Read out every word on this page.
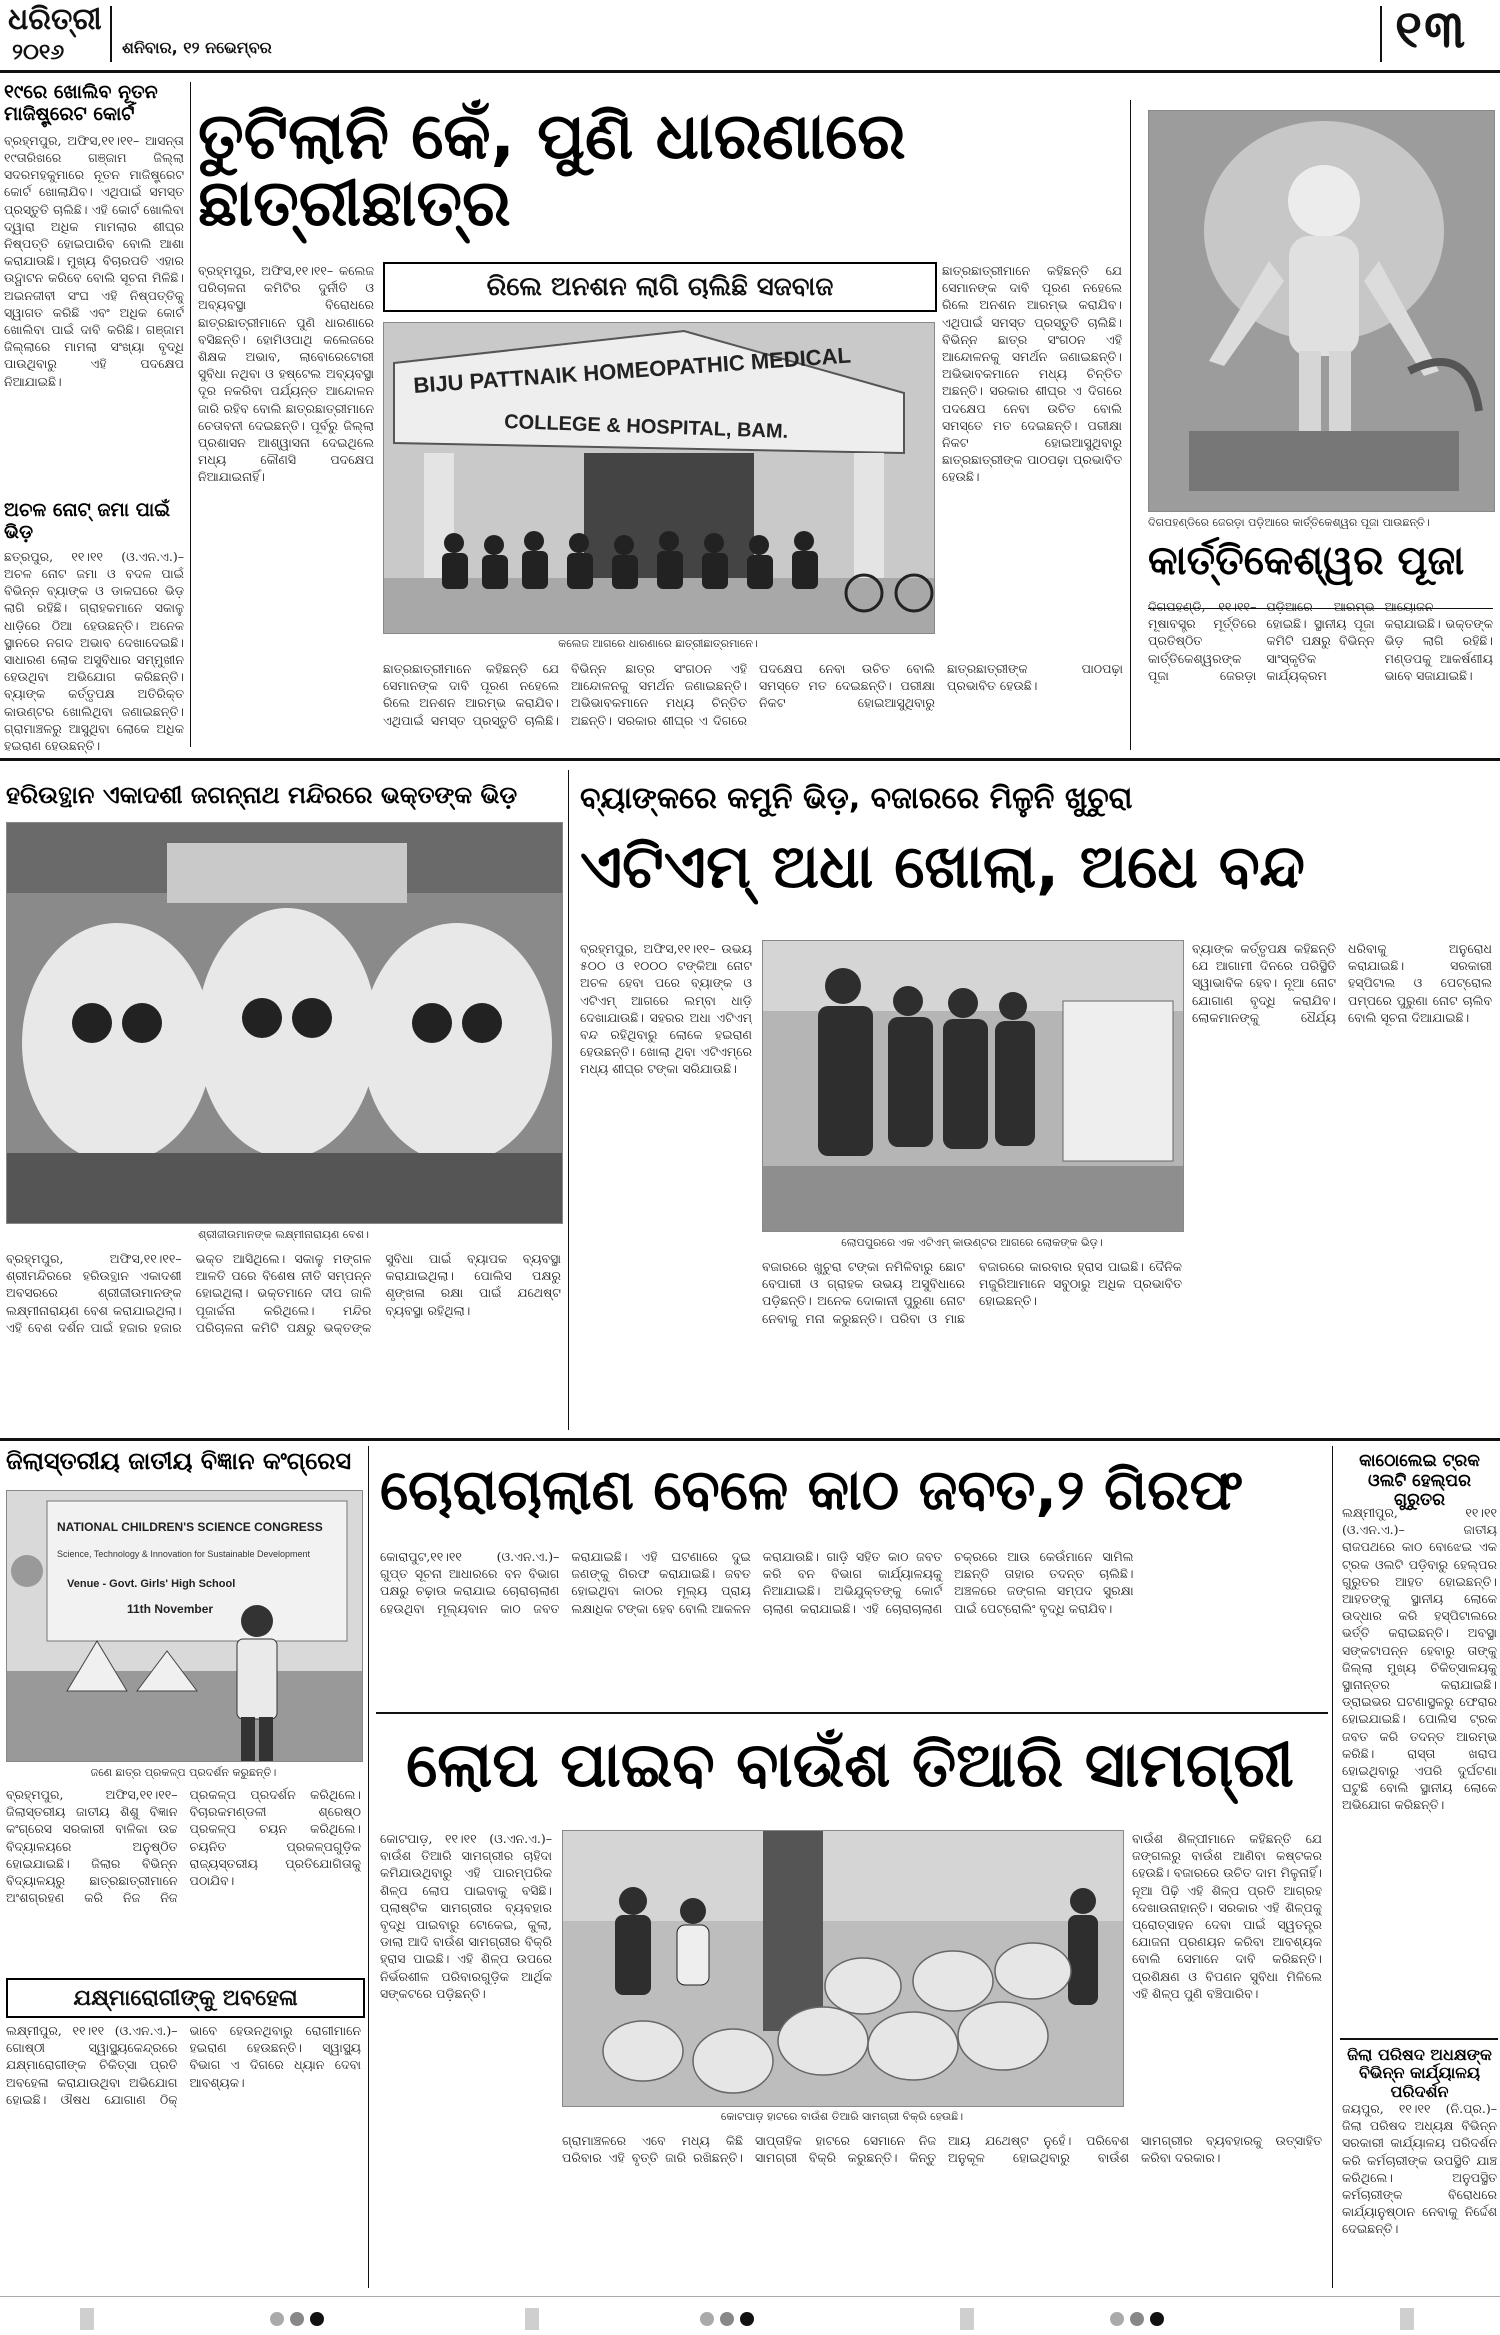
ଧରିତ୍ରୀ
୨୦୧୬	ଶନିବାର, ୧୨ ନଭେମ୍ବର	୧୩
୧୯ରେ ଖୋଲିବ ନୂତନ ମାଜିଷ୍ଟ୍ରେଟ କୋର୍ଟ
ବ୍ରହ୍ମପୁର, ଅଫିସ,୧୧।୧୧– ଆସନ୍ତା ୧୯ତାରିଖରେ ଗଞ୍ଜାମ ଜିଲ୍ଲା ସଦରମହକୁମାରେ ନୂତନ ମାଜିଷ୍ଟ୍ରେଟ କୋର୍ଟ ଖୋଲାଯିବ। ଏଥିପାଇଁ ସମସ୍ତ ପ୍ରସ୍ତୁତି ଚାଲିଛି। ଏହି କୋର୍ଟ ଖୋଲିବା ଦ୍ୱାରା ଅଧିକ ମାମଲାର ଶୀଘ୍ର ନିଷ୍ପତ୍ତି ହୋଇପାରିବ ବୋଲି ଆଶା କରାଯାଉଛି। ମୁଖ୍ୟ ବିଚାରପତି ଏହାର ଉଦ୍ଘାଟନ କରିବେ ବୋଲି ସୂଚନା ମିଳିଛି। ଅଇନଜୀବୀ ସଂଘ ଏହି ନିଷ୍ପତ୍ତିକୁ ସ୍ୱାଗତ କରିଛି ଏବଂ ଅଧିକ କୋର୍ଟ ଖୋଲିବା ପାଇଁ ଦାବି କରିଛି। ଗଞ୍ଜାମ ଜିଲ୍ଲାରେ ମାମଲା ସଂଖ୍ୟା ବୃଦ୍ଧି ପାଉଥିବାରୁ ଏହି ପଦକ୍ଷେପ ନିଆଯାଇଛି।
ଅଚଳ ନୋଟ୍ ଜମା ପାଇଁ ଭିଡ଼
ଛତ୍ରପୁର, ୧୧।୧୧ (ଓ.ଏନ.ଏ.)– ଅଚଳ ନୋଟ ଜମା ଓ ବଦଳ ପାଇଁ ବିଭିନ୍ନ ବ୍ୟାଙ୍କ ଓ ଡାକଘରେ ଭିଡ଼ ଲାଗି ରହିଛି। ଗ୍ରାହକମାନେ ସକାଳୁ ଧାଡ଼ିରେ ଠିଆ ହେଉଛନ୍ତି। ଅନେକ ସ୍ଥାନରେ ନଗଦ ଅଭାବ ଦେଖାଦେଇଛି। ସାଧାରଣ ଲୋକ ଅସୁବିଧାର ସମ୍ମୁଖୀନ ହେଉଥିବା ଅଭିଯୋଗ କରିଛନ୍ତି। ବ୍ୟାଙ୍କ କର୍ତ୍ତୃପକ୍ଷ ଅତିରିକ୍ତ କାଉଣ୍ଟର ଖୋଲିଥିବା ଜଣାଇଛନ୍ତି। ଗ୍ରାମାଞ୍ଚଳରୁ ଆସୁଥିବା ଲୋକେ ଅଧିକ ହଇରାଣ ହେଉଛନ୍ତି।
ତୁଟିଲାନି କେଁ, ପୁଣି ଧାରଣାରେ ଛାତ୍ରୀଛାତ୍ର
ରିଲେ ଅନଶନ ଲାଗି ଚାଲିଛି ସଜବାଜ
ବ୍ରହ୍ମପୁର, ଅଫିସ,୧୧।୧୧– କଲେଜ ପରିଚାଳନା କମିଟିର ଦୁର୍ନୀତି ଓ ଅବ୍ୟବସ୍ଥା ବିରୋଧରେ ଛାତ୍ରଛାତ୍ରୀମାନେ ପୁଣି ଧାରଣାରେ ବସିଛନ୍ତି। ହୋମିଓପାଥି କଲେଜରେ ଶିକ୍ଷକ ଅଭାବ, ଲାବୋରେଟୋରୀ ସୁବିଧା ନଥିବା ଓ ହଷ୍ଟେଲ ଅବ୍ୟବସ୍ଥା ଦୂର ନକରିବା ପର୍ଯ୍ୟନ୍ତ ଆନ୍ଦୋଳନ ଜାରି ରହିବ ବୋଲି ଛାତ୍ରଛାତ୍ରୀମାନେ ଚେତାବନୀ ଦେଇଛନ୍ତି। ପୂର୍ବରୁ ଜିଲ୍ଲା ପ୍ରଶାସନ ଆଶ୍ୱାସନା ଦେଇଥିଲେ ମଧ୍ୟ କୌଣସି ପଦକ୍ଷେପ ନିଆଯାଇନାହିଁ।
ଛାତ୍ରଛାତ୍ରୀମାନେ କହିଛନ୍ତି ଯେ ସେମାନଙ୍କ ଦାବି ପୂରଣ ନହେଲେ ରିଲେ ଅନଶନ ଆରମ୍ଭ କରାଯିବ। ଏଥିପାଇଁ ସମସ୍ତ ପ୍ରସ୍ତୁତି ଚାଲିଛି। ବିଭିନ୍ନ ଛାତ୍ର ସଂଗଠନ ଏହି ଆନ୍ଦୋଳନକୁ ସମର୍ଥନ ଜଣାଇଛନ୍ତି। ଅଭିଭାବକମାନେ ମଧ୍ୟ ଚିନ୍ତିତ ଅଛନ୍ତି। ସରକାର ଶୀଘ୍ର ଏ ଦିଗରେ ପଦକ୍ଷେପ ନେବା ଉଚିତ ବୋଲି ସମସ୍ତେ ମତ ଦେଇଛନ୍ତି। ପରୀକ୍ଷା ନିକଟ ହୋଇଆସୁଥିବାରୁ ଛାତ୍ରଛାତ୍ରୀଙ୍କ ପାଠପଢ଼ା ପ୍ରଭାବିତ ହେଉଛି।
BIJU PATTNAIK HOMEOPATHIC MEDICAL
COLLEGE & HOSPITAL, BAM.
କଲେଜ ଆଗରେ ଧାରଣାରେ ଛାତ୍ରୀଛାତ୍ରମାନେ।
ଛାତ୍ରଛାତ୍ରୀମାନେ କହିଛନ୍ତି ଯେ ସେମାନଙ୍କ ଦାବି ପୂରଣ ନହେଲେ ରିଲେ ଅନଶନ ଆରମ୍ଭ କରାଯିବ। ଏଥିପାଇଁ ସମସ୍ତ ପ୍ରସ୍ତୁତି ଚାଲିଛି। ବିଭିନ୍ନ ଛାତ୍ର ସଂଗଠନ ଏହି ଆନ୍ଦୋଳନକୁ ସମର୍ଥନ ଜଣାଇଛନ୍ତି। ଅଭିଭାବକମାନେ ମଧ୍ୟ ଚିନ୍ତିତ ଅଛନ୍ତି। ସରକାର ଶୀଘ୍ର ଏ ଦିଗରେ ପଦକ୍ଷେପ ନେବା ଉଚିତ ବୋଲି ସମସ୍ତେ ମତ ଦେଇଛନ୍ତି। ପରୀକ୍ଷା ନିକଟ ହୋଇଆସୁଥିବାରୁ ଛାତ୍ରଛାତ୍ରୀଙ୍କ ପାଠପଢ଼ା ପ୍ରଭାବିତ ହେଉଛି।
ଦିଗପହଣ୍ଡିରେ ଜେରଡ଼ା ପଡ଼ିଆରେ କାର୍ତ୍ତିକେଶ୍ୱର ପୂଜା ପାଉଛନ୍ତି।
କାର୍ତ୍ତିକେଶ୍ୱର ପୂଜା
ଦିଗପହଣ୍ଡି, ୧୧।୧୧– ମୂଷାବସ୍ତ୍ର ମୂର୍ତ୍ତିରେ ପ୍ରତିଷ୍ଠିତ କାର୍ତ୍ତିକେଶ୍ୱରଙ୍କ ପୂଜା ଜେରଡ଼ା ପଡ଼ିଆରେ ଆରମ୍ଭ ହୋଇଛି। ସ୍ଥାନୀୟ ପୂଜା କମିଟି ପକ୍ଷରୁ ବିଭିନ୍ନ ସାଂସ୍କୃତିକ କାର୍ଯ୍ୟକ୍ରମ ଆୟୋଜନ କରାଯାଇଛି। ଭକ୍ତଙ୍କ ଭିଡ଼ ଲାଗି ରହିଛି। ମଣ୍ଡପକୁ ଆକର୍ଷଣୀୟ ଭାବେ ସଜାଯାଇଛି।
ହରିଉତ୍ଥାନ ଏକାଦଶୀ ଜଗନ୍ନାଥ ମନ୍ଦିରରେ ଭକ୍ତଙ୍କ ଭିଡ଼
ଶ୍ରୀଜୀଉମାନଙ୍କ ଲକ୍ଷ୍ମୀନାରାୟଣ ବେଶ।
ବ୍ରହ୍ମପୁର, ଅଫିସ,୧୧।୧୧– ଶ୍ରୀମନ୍ଦିରରେ ହରିଉତ୍ଥାନ ଏକାଦଶୀ ଅବସରରେ ଶ୍ରୀଜୀଉମାନଙ୍କ ଲକ୍ଷ୍ମୀନାରାୟଣ ବେଶ କରାଯାଇଥିଲା। ଏହି ବେଶ ଦର୍ଶନ ପାଇଁ ହଜାର ହଜାର ଭକ୍ତ ଆସିଥିଲେ। ସକାଳୁ ମଙ୍ଗଳ ଆଳତି ପରେ ବିଶେଷ ନୀତି ସମ୍ପନ୍ନ ହୋଇଥିଲା। ଭକ୍ତମାନେ ଦୀପ ଜାଳି ପୂଜାର୍ଚ୍ଚନା କରିଥିଲେ। ମନ୍ଦିର ପରିଚାଳନା କମିଟି ପକ୍ଷରୁ ଭକ୍ତଙ୍କ ସୁବିଧା ପାଇଁ ବ୍ୟାପକ ବ୍ୟବସ୍ଥା କରାଯାଇଥିଲା। ପୋଲିସ ପକ୍ଷରୁ ଶୃଙ୍ଖଳା ରକ୍ଷା ପାଇଁ ଯଥେଷ୍ଟ ବ୍ୟବସ୍ଥା ରହିଥିଲା।
ବ୍ୟାଙ୍କରେ କମୁନି ଭିଡ଼, ବଜାରରେ ମିଳୁନି ଖୁଚୁରା
ଏଟିଏମ୍ ଅଧା ଖୋଲା, ଅଧେ ବନ୍ଦ
ବ୍ରହ୍ମପୁର, ଅଫିସ,୧୧।୧୧– ଉଭୟ ୫୦୦ ଓ ୧୦୦୦ ଟଙ୍କିଆ ନୋଟ ଅଚଳ ହେବା ପରେ ବ୍ୟାଙ୍କ ଓ ଏଟିଏମ୍ ଆଗରେ ଲମ୍ବା ଧାଡ଼ି ଦେଖାଯାଉଛି। ସହରର ଅଧା ଏଟିଏମ୍ ବନ୍ଦ ରହିଥିବାରୁ ଲୋକେ ହଇରାଣ ହେଉଛନ୍ତି। ଖୋଲା ଥିବା ଏଟିଏମ୍‌ରେ ମଧ୍ୟ ଶୀଘ୍ର ଟଙ୍କା ସରିଯାଉଛି।
ଲୋପପୁରରେ ଏକ ଏଟିଏମ୍ କାଉଣ୍ଟର ଆଗରେ ଲୋକଙ୍କ ଭିଡ଼।
ବଜାରରେ ଖୁଚୁରା ଟଙ୍କା ନମିଳିବାରୁ ଛୋଟ ବେପାରୀ ଓ ଗ୍ରାହକ ଉଭୟ ଅସୁବିଧାରେ ପଡ଼ିଛନ୍ତି। ଅନେକ ଦୋକାନୀ ପୁରୁଣା ନୋଟ ନେବାକୁ ମନା କରୁଛନ୍ତି। ପରିବା ଓ ମାଛ ବଜାରରେ କାରବାର ହ୍ରାସ ପାଇଛି। ଦୈନିକ ମଜୁରିଆମାନେ ସବୁଠାରୁ ଅଧିକ ପ୍ରଭାବିତ ହୋଇଛନ୍ତି।
ବ୍ୟାଙ୍କ କର୍ତ୍ତୃପକ୍ଷ କହିଛନ୍ତି ଯେ ଆଗାମୀ ଦିନରେ ପରିସ୍ଥିତି ସ୍ୱାଭାବିକ ହେବ। ନୂଆ ନୋଟ ଯୋଗାଣ ବୃଦ୍ଧି କରାଯିବ। ଲୋକମାନଙ୍କୁ ଧୈର୍ଯ୍ୟ ଧରିବାକୁ ଅନୁରୋଧ କରାଯାଇଛି। ସରକାରୀ ହସ୍ପିଟାଲ ଓ ପେଟ୍ରୋଲ ପମ୍ପରେ ପୁରୁଣା ନୋଟ ଚାଲିବ ବୋଲି ସୂଚନା ଦିଆଯାଇଛି।
ଜିଲାସ୍ତରୀୟ ଜାତୀୟ ବିଜ୍ଞାନ କଂଗ୍ରେସ
NATIONAL CHILDREN'S SCIENCE CONGRESS
Science, Technology & Innovation for Sustainable Development
Venue - Govt. Girls' High School
11th November
ଜଣେ ଛାତ୍ର ପ୍ରକଳ୍ପ ପ୍ରଦର୍ଶନ କରୁଛନ୍ତି।
ବ୍ରହ୍ମପୁର, ଅଫିସ,୧୧।୧୧– ଜିଲାସ୍ତରୀୟ ଜାତୀୟ ଶିଶୁ ବିଜ୍ଞାନ କଂଗ୍ରେସ ସରକାରୀ ବାଳିକା ଉଚ୍ଚ ବିଦ୍ୟାଳୟରେ ଅନୁଷ୍ଠିତ ହୋଇଯାଇଛି। ଜିଲାର ବିଭିନ୍ନ ବିଦ୍ୟାଳୟରୁ ଛାତ୍ରଛାତ୍ରୀମାନେ ଅଂଶଗ୍ରହଣ କରି ନିଜ ନିଜ ପ୍ରକଳ୍ପ ପ୍ରଦର୍ଶନ କରିଥିଲେ। ବିଚାରକମଣ୍ଡଳୀ ଶ୍ରେଷ୍ଠ ପ୍ରକଳ୍ପ ଚୟନ କରିଥିଲେ। ଚୟନିତ ପ୍ରକଳ୍ପଗୁଡ଼ିକ ରାଜ୍ୟସ୍ତରୀୟ ପ୍ରତିଯୋଗିତାକୁ ପଠାଯିବ।
ଯକ୍ଷ୍ମାରୋଗୀଙ୍କୁ ଅବହେଳା
ଲକ୍ଷ୍ମୀପୁର, ୧୧।୧୧ (ଓ.ଏନ.ଏ.)– ଗୋଷ୍ଠୀ ସ୍ୱାସ୍ଥ୍ୟକେନ୍ଦ୍ରରେ ଯକ୍ଷ୍ମାରୋଗୀଙ୍କ ଚିକିତ୍ସା ପ୍ରତି ଅବହେଳା କରାଯାଉଥିବା ଅଭିଯୋଗ ହୋଇଛି। ଔଷଧ ଯୋଗାଣ ଠିକ୍ ଭାବେ ହେଉନଥିବାରୁ ରୋଗୀମାନେ ହଇରାଣ ହେଉଛନ୍ତି। ସ୍ୱାସ୍ଥ୍ୟ ବିଭାଗ ଏ ଦିଗରେ ଧ୍ୟାନ ଦେବା ଆବଶ୍ୟକ।
ଚୋରାଚାଲାଣ ବେଳେ କାଠ ଜବତ,୨ ଗିରଫ
କୋରାପୁଟ,୧୧।୧୧ (ଓ.ଏନ.ଏ.)– ଗୁପ୍ତ ସୂଚନା ଆଧାରରେ ବନ ବିଭାଗ ପକ୍ଷରୁ ଚଢ଼ାଉ କରାଯାଇ ଚୋରାଚାଲାଣ ହେଉଥିବା ମୂଲ୍ୟବାନ କାଠ ଜବତ କରାଯାଇଛି। ଏହି ଘଟଣାରେ ଦୁଇ ଜଣଙ୍କୁ ଗିରଫ କରାଯାଇଛି। ଜବତ ହୋଇଥିବା କାଠର ମୂଲ୍ୟ ପ୍ରାୟ ଲକ୍ଷାଧିକ ଟଙ୍କା ହେବ ବୋଲି ଆକଳନ କରାଯାଉଛି। ଗାଡ଼ି ସହିତ କାଠ ଜବତ କରି ବନ ବିଭାଗ କାର୍ଯ୍ୟାଳୟକୁ ନିଆଯାଇଛି। ଅଭିଯୁକ୍ତଙ୍କୁ କୋର୍ଟ ଚାଲାଣ କରାଯାଇଛି। ଏହି ଚୋରାଚାଲାଣ ଚକ୍ରରେ ଆଉ କେଉଁମାନେ ସାମିଲ ଅଛନ୍ତି ତାହାର ତଦନ୍ତ ଚାଲିଛି। ଅଞ୍ଚଳରେ ଜଙ୍ଗଲ ସମ୍ପଦ ସୁରକ୍ଷା ପାଇଁ ପେଟ୍ରୋଲିଂ ବୃଦ୍ଧି କରାଯିବ।
ଲୋପ ପାଇବ ବାଉଁଶ ତିଆରି ସାମଗ୍ରୀ
କୋଟପାଡ଼, ୧୧।୧୧ (ଓ.ଏନ.ଏ.)– ବାଉଁଶ ତିଆରି ସାମଗ୍ରୀର ଚାହିଦା କମିଯାଉଥିବାରୁ ଏହି ପାରମ୍ପରିକ ଶିଳ୍ପ ଲୋପ ପାଇବାକୁ ବସିଛି। ପ୍ଲାଷ୍ଟିକ ସାମଗ୍ରୀର ବ୍ୟବହାର ବୃଦ୍ଧି ପାଇବାରୁ ଟୋକେଇ, କୁଲା, ଡାଲା ଆଦି ବାଉଁଶ ସାମଗ୍ରୀର ବିକ୍ରି ହ୍ରାସ ପାଇଛି। ଏହି ଶିଳ୍ପ ଉପରେ ନିର୍ଭରଶୀଳ ପରିବାରଗୁଡ଼ିକ ଆର୍ଥିକ ସଙ୍କଟରେ ପଡ଼ିଛନ୍ତି।
କୋଟପାଡ଼ ହାଟରେ ବାଉଁଶ ତିଆରି ସାମଗ୍ରୀ ବିକ୍ରି ହେଉଛି।
ବାଉଁଶ ଶିଳ୍ପୀମାନେ କହିଛନ୍ତି ଯେ ଜଙ୍ଗଲରୁ ବାଉଁଶ ଆଣିବା କଷ୍ଟକର ହେଉଛି। ବଜାରରେ ଉଚିତ ଦାମ ମିଳୁନାହିଁ। ନୂଆ ପିଢ଼ି ଏହି ଶିଳ୍ପ ପ୍ରତି ଆଗ୍ରହ ଦେଖାଉନାହାନ୍ତି। ସରକାର ଏହି ଶିଳ୍ପକୁ ପ୍ରୋତ୍ସାହନ ଦେବା ପାଇଁ ସ୍ୱତନ୍ତ୍ର ଯୋଜନା ପ୍ରଣୟନ କରିବା ଆବଶ୍ୟକ ବୋଲି ସେମାନେ ଦାବି କରିଛନ୍ତି। ପ୍ରଶିକ୍ଷଣ ଓ ବିପଣନ ସୁବିଧା ମିଳିଲେ ଏହି ଶିଳ୍ପ ପୁଣି ବଞ୍ଚିପାରିବ।
ଗ୍ରାମାଞ୍ଚଳରେ ଏବେ ମଧ୍ୟ କିଛି ପରିବାର ଏହି ବୃତ୍ତି ଜାରି ରଖିଛନ୍ତି। ସାପ୍ତାହିକ ହାଟରେ ସେମାନେ ନିଜ ସାମଗ୍ରୀ ବିକ୍ରି କରୁଛନ୍ତି। କିନ୍ତୁ ଆୟ ଯଥେଷ୍ଟ ନୁହେଁ। ପରିବେଶ ଅନୁକୂଳ ହୋଇଥିବାରୁ ବାଉଁଶ ସାମଗ୍ରୀର ବ୍ୟବହାରକୁ ଉତ୍ସାହିତ କରିବା ଦରକାର।
କାଠୋଲେଇ ଟ୍ରକ ଓଲଟି ହେଲ୍‌ପର ଗୁରୁତର
ଲକ୍ଷ୍ମୀପୁର, ୧୧।୧୧ (ଓ.ଏନ.ଏ.)– ଜାତୀୟ ରାଜପଥରେ କାଠ ବୋଝେଇ ଏକ ଟ୍ରକ ଓଲଟି ପଡ଼ିବାରୁ ହେଲ୍‌ପର ଗୁରୁତର ଆହତ ହୋଇଛନ୍ତି। ଆହତଙ୍କୁ ସ୍ଥାନୀୟ ଲୋକେ ଉଦ୍ଧାର କରି ହସ୍ପିଟାଲରେ ଭର୍ତ୍ତି କରାଇଛନ୍ତି। ଅବସ୍ଥା ସଙ୍କଟାପନ୍ନ ହେବାରୁ ତାଙ୍କୁ ଜିଲ୍ଲା ମୁଖ୍ୟ ଚିକିତ୍ସାଳୟକୁ ସ୍ଥାନାନ୍ତର କରାଯାଇଛି। ଡ୍ରାଇଭର ଘଟଣାସ୍ଥଳରୁ ଫେରାର ହୋଇଯାଇଛି। ପୋଲିସ ଟ୍ରକ ଜବତ କରି ତଦନ୍ତ ଆରମ୍ଭ କରିଛି। ରାସ୍ତା ଖରାପ ହୋଇଥିବାରୁ ଏପରି ଦୁର୍ଘଟଣା ଘଟୁଛି ବୋଲି ସ୍ଥାନୀୟ ଲୋକେ ଅଭିଯୋଗ କରିଛନ୍ତି।
ଜିଲା ପରିଷଦ ଅଧକ୍ଷଙ୍କ ବିଭିନ୍ନ କାର୍ଯ୍ୟାଳୟ ପରିଦର୍ଶନ
ଜୟପୁର, ୧୧।୧୧ (ନି.ପ୍ର.)– ଜିଲା ପରିଷଦ ଅଧ୍ୟକ୍ଷ ବିଭିନ୍ନ ସରକାରୀ କାର୍ଯ୍ୟାଳୟ ପରିଦର୍ଶନ କରି କର୍ମଚାରୀଙ୍କ ଉପସ୍ଥିତି ଯାଞ୍ଚ କରିଥିଲେ। ଅନୁପସ୍ଥିତ କର୍ମଚାରୀଙ୍କ ବିରୋଧରେ କାର୍ଯ୍ୟାନୁଷ୍ଠାନ ନେବାକୁ ନିର୍ଦ୍ଦେଶ ଦେଇଛନ୍ତି।
